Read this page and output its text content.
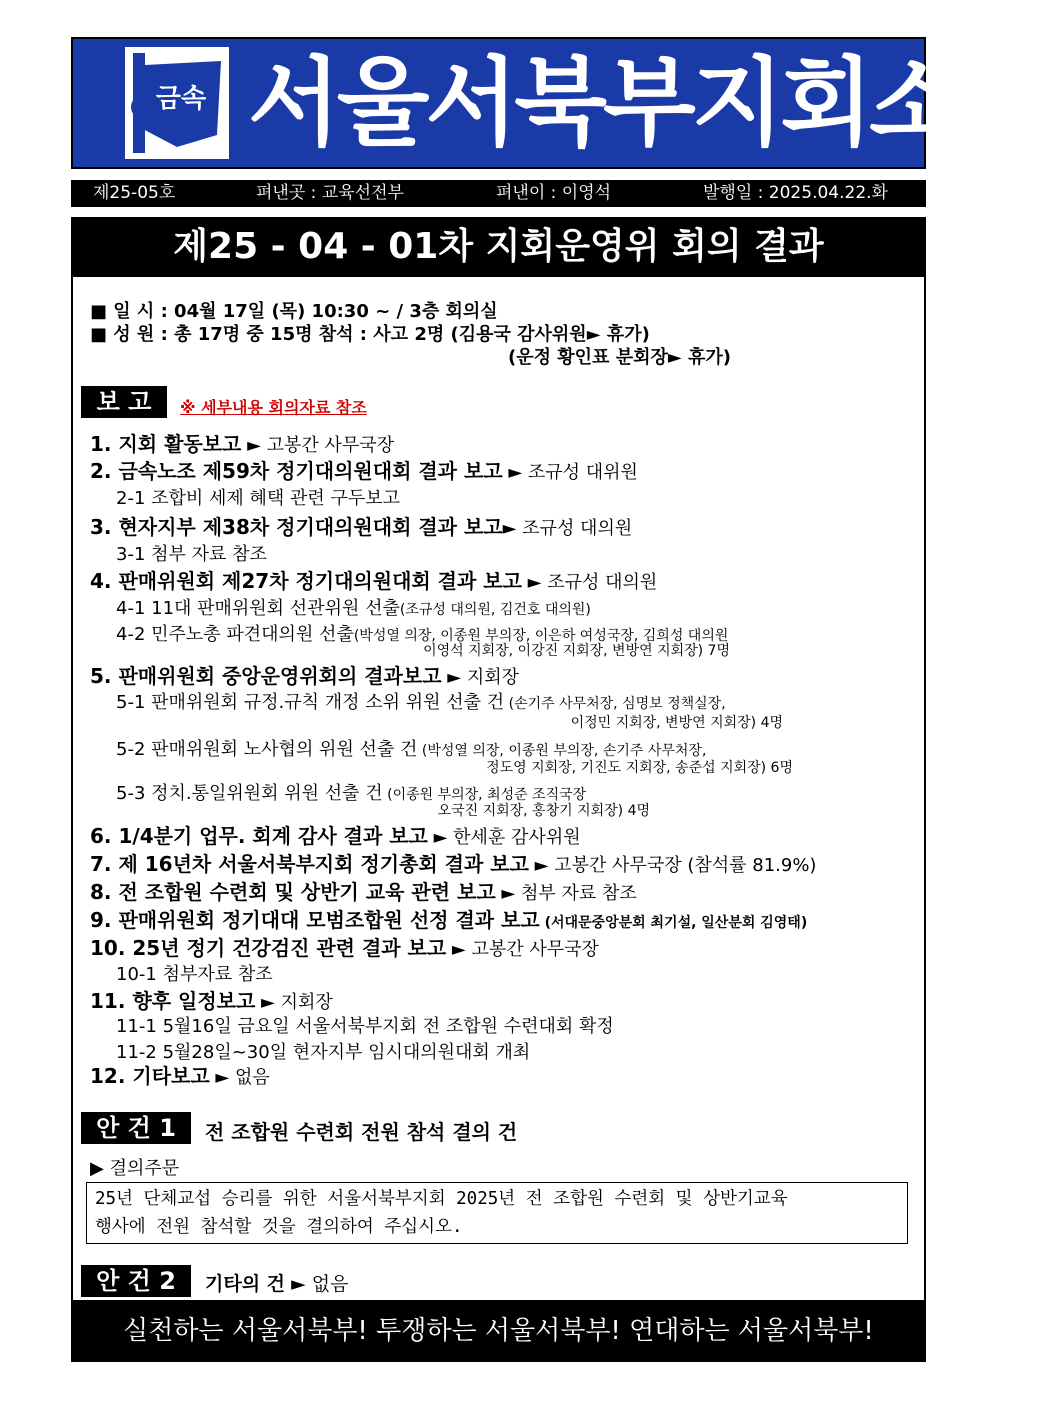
금속 서울서북부지회소식
제25-05호	펴낸곳 : 교육선전부	펴낸이 : 이영석	발행일 : 2025.04.22.화
제25 - 04 - 01차 지회운영위 회의 결과
■ 일 시 : 04월 17일 (목) 10:30 ~ / 3층 회의실
■ 성 원 : 총 17명 중 15명 참석 : 사고 2명 (김용국 감사위원► 휴가)
(운정 황인표 분회장► 휴가)
보 고	※ 세부내용 회의자료 참조
1. 지회 활동보고 ► 고봉간 사무국장
2. 금속노조 제59차 정기대의원대회 결과 보고 ► 조규성 대위원
2-1 조합비 세제 혜택 관련 구두보고
3. 현자지부 제38차 정기대의원대회 결과 보고► 조규성 대의원
3-1 첨부 자료 참조
4. 판매위원회 제27차 정기대의원대회 결과 보고 ► 조규성 대의원
4-1 11대 판매위원회 선관위원 선출(조규성 대의원, 김건호 대의원)
4-2 민주노총 파견대의원 선출(박성열 의장, 이종원 부의장, 이은하 여성국장, 김희성 대의원
이영석 지회장, 이강진 지회장, 변방연 지회장) 7명
5. 판매위원회 중앙운영위회의 결과보고 ► 지회장
5-1 판매위원회 규정.규칙 개정 소위 위원 선출 건 (손기주 사무처장, 심명보 정책실장,
이정민 지회장, 변방연 지회장) 4명
5-2 판매위원회 노사협의 위원 선출 건 (박성열 의장, 이종원 부의장, 손기주 사무처장,
정도영 지회장, 기진도 지회장, 송준섭 지회장) 6명
5-3 정치.통일위원회 위원 선출 건 (이종원 부의장, 최성준 조직국장
오국진 지회장, 홍창기 지회장) 4명
6. 1/4분기 업무. 회계 감사 결과 보고 ► 한세훈 감사위원
7. 제 16년차 서울서북부지회 정기총회 결과 보고 ► 고봉간 사무국장 (참석률 81.9%)
8. 전 조합원 수련회 및 상반기 교육 관련 보고 ► 첨부 자료 참조
9. 판매위원회 정기대대 모범조합원 선정 결과 보고 (서대문중앙분회 최기설, 일산분회 김영태)
10. 25년 정기 건강검진 관련 결과 보고 ► 고봉간 사무국장
10-1 첨부자료 참조
11. 향후 일정보고 ► 지회장
11-1 5월16일 금요일 서울서북부지회 전 조합원 수련대회 확정
11-2 5월28일~30일 현자지부 임시대의원대회 개최
12. 기타보고 ► 없음
안 건 1	전 조합원 수련회 전원 참석 결의 건
▶ 결의주문
25년 단체교섭 승리를 위한 서울서북부지회 2025년 전 조합원 수련회 및 상반기교육
행사에 전원 참석할 것을 결의하여 주십시오.
안 건 2	기타의 건 ► 없음
실천하는 서울서북부! 투쟁하는 서울서북부! 연대하는 서울서북부!
